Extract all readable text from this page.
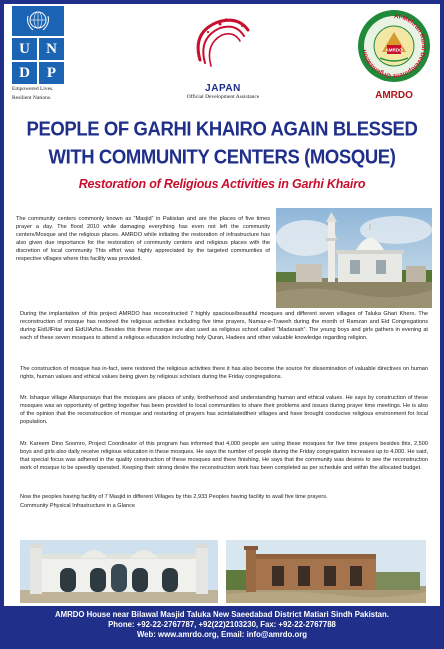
U	N
D	P
Empowered Lives.
Resilient Nations.
JAPAN
Official Development Assistance
Al-Mehran Rural Development Organization	AMRDO
AMRDO
PEOPLE OF GARHI KHAIRO AGAIN BLESSED
WITH COMMUNITY CENTERS (MOSQUE)
Restoration of Religious Activities in Garhi Khairo

The community centers commonly known as “Masjid” in Pakistan and are the places of five times prayer a day. The flood 2010 while damaging everything has even not left the community centers/Mosque and the religious places. AMRDO while initiating the restoration of infrastructure has also given due importance for the restoration of community centers and religious places with the discretion of local community This effort was highly appreciated by the targeted communities of respective villages where this facility was provided.

During the implantation of this project AMRDO has reconstructed 7 highly spacious/beautiful mosques and different seven villages of Taluka Ghari Khero. The reconstruction of mosque has restored the religious activities including five time prayers, Namaz-e-Traweh during the month of Ramzan and Eid Congregations during EidUlFitar and EidUlAzha. Besides this these mosque are also used as religious school called “Madarsah”. The young boys and girls gathers in evening at each of these seven mosques to attend a religious education including holy Quran, Hadees and other valuable knowledge regarding religion.

The construction of mosque has in-fact, were restored the religious activities there it has also become the source for dissemination of valuable directives on human rights, human values and ethical values being given by religious scholars during the Friday congregations.

Mr. Ishaque village Allanpursays that the mosques are places of unity, brotherhood and understanding human and ethical values. He says by construction of these mosques was an opportunity of getting together has been provided to local communities to share their problems and issues during prayer time meetings. He is also of the opinion that the reconstruction of mosque and restarting of prayers has scintaliatedtheir villages and have brought conducive religious environment for local population.

Mr. Kareem Dino Soomro, Project Coordinator of this program has informed that 4,000 people are using these mosques for five time prayers besides this, 2,500 boys and girls also daily receive religious education in these mosques. He says the number of people during the Friday congregation increases up to 4,000. He said, that special focus was adhered in the quality construction of these mosques and there finishing. He says that the community was desires to see the reconstruction work of mosque to be speedily operated. Keeping their strong desire the reconstruction work has been completed as per schedule and within the allocated budget.

Now the peoples having facility of 7 Masjid in different Villages by this 2,933 Peoples having facility to avail five time prayers.

Community Physical Infrastructure in a Glance

AMRDO House near Bilawal Masjid Taluka New Saeedabad District Matiari Sindh Pakistan.
Phone: +92-22-2767787, +92(22)2103230, Fax: +92-22-2767788
Web: www.amrdo.org, Email: info@amrdo.org
